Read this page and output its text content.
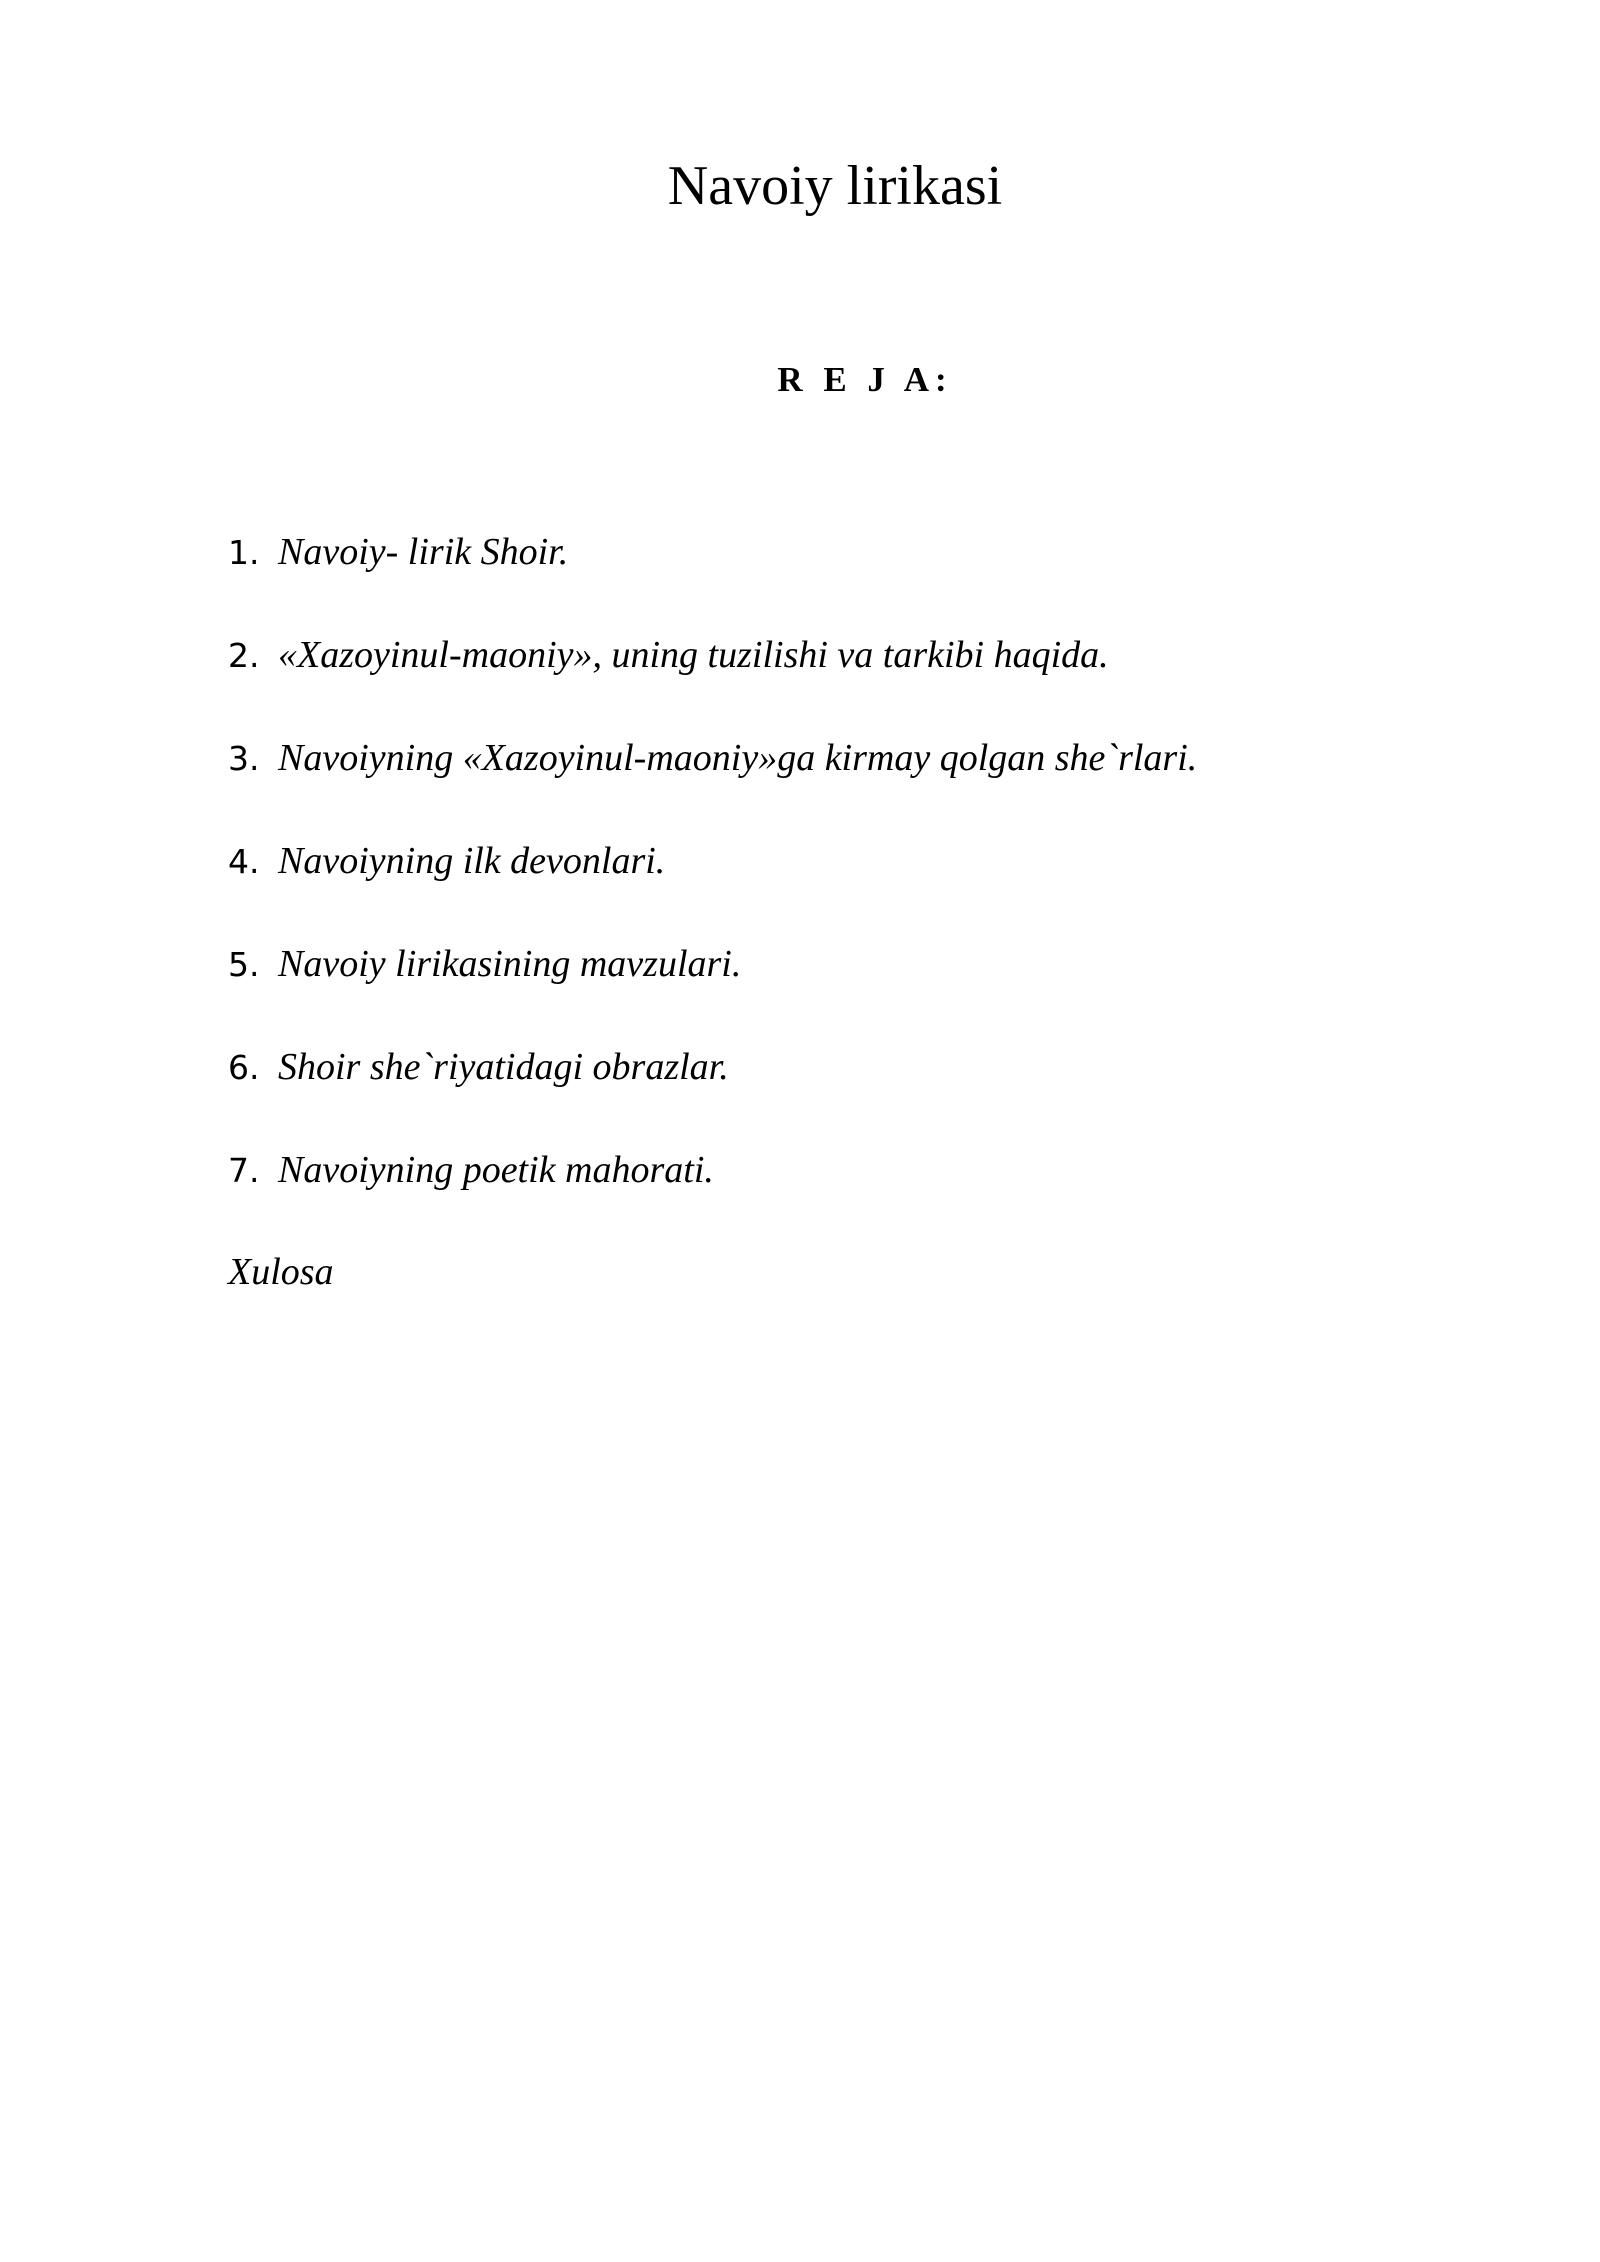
Navoiy lirikasi
R E J A:
1. Navoiy- lirik Shoir.
2. «Xazoyinul-maoniy», uning tuzilishi va tarkibi haqida.
3. Navoiyning «Xazoyinul-maoniy»ga kirmay qolgan she`rlari.
4. Navoiyning ilk devonlari.
5. Navoiy lirikasining mavzulari.
6. Shoir she`riyatidagi obrazlar.
7. Navoiyning poetik mahorati.

Xulosa
